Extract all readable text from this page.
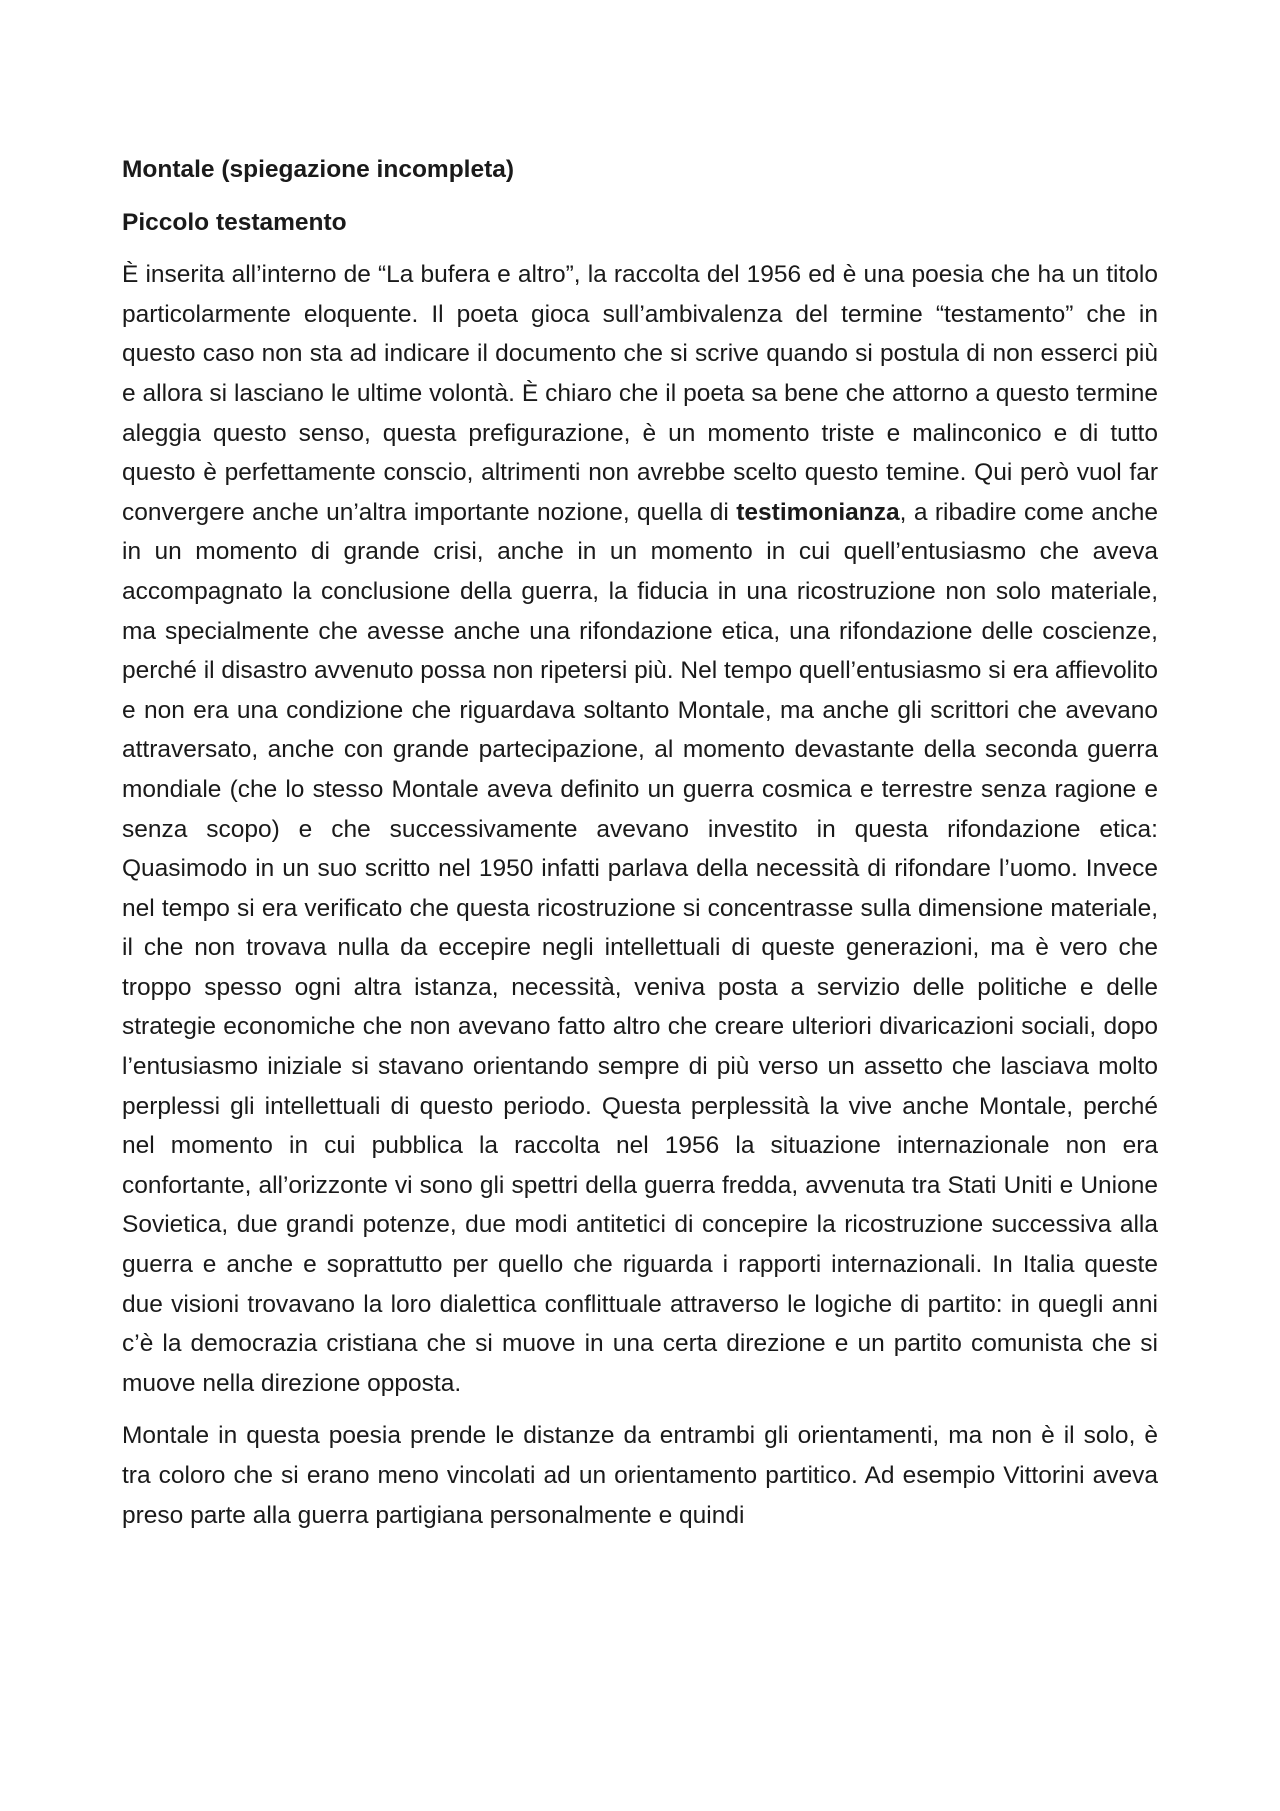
Montale (spiegazione incompleta)

Piccolo testamento

È inserita all’interno de “La bufera e altro”, la raccolta del 1956 ed è una poesia che ha un titolo particolarmente eloquente. Il poeta gioca sull’ambivalenza del termine “testamento” che in questo caso non sta ad indicare il documento che si scrive quando si postula di non esserci più e allora si lasciano le ultime volontà. È chiaro che il poeta sa bene che attorno a questo termine aleggia questo senso, questa prefigurazione, è un momento triste e malinconico e di tutto questo è perfettamente conscio, altrimenti non avrebbe scelto questo temine. Qui però vuol far convergere anche un’altra importante nozione, quella di testimonianza, a ribadire come anche in un momento di grande crisi, anche in un momento in cui quell’entusiasmo che aveva accompagnato la conclusione della guerra, la fiducia in una ricostruzione non solo materiale, ma specialmente che avesse anche una rifondazione etica, una rifondazione delle coscienze, perché il disastro avvenuto possa non ripetersi più. Nel tempo quell’entusiasmo si era affievolito e non era una condizione che riguardava soltanto Montale, ma anche gli scrittori che avevano attraversato, anche con grande partecipazione, al momento devastante della seconda guerra mondiale (che lo stesso Montale aveva definito un guerra cosmica e terrestre senza ragione e senza scopo) e che successivamente avevano investito in questa rifondazione etica: Quasimodo in un suo scritto nel 1950 infatti parlava della necessità di rifondare l’uomo. Invece nel tempo si era verificato che questa ricostruzione si concentrasse sulla dimensione materiale, il che non trovava nulla da eccepire negli intellettuali di queste generazioni, ma è vero che troppo spesso ogni altra istanza, necessità, veniva posta a servizio delle politiche e delle strategie economiche che non avevano fatto altro che creare ulteriori divaricazioni sociali, dopo l’entusiasmo iniziale si stavano orientando sempre di più verso un assetto che lasciava molto perplessi gli intellettuali di questo periodo. Questa perplessità la vive anche Montale, perché nel momento in cui pubblica la raccolta nel 1956 la situazione internazionale non era confortante, all’orizzonte vi sono gli spettri della guerra fredda, avvenuta tra Stati Uniti e Unione Sovietica, due grandi potenze, due modi antitetici di concepire la ricostruzione successiva alla guerra e anche e soprattutto per quello che riguarda i rapporti internazionali. In Italia queste due visioni trovavano la loro dialettica conflittuale attraverso le logiche di partito: in quegli anni c’è la democrazia cristiana che si muove in una certa direzione e un partito comunista che si muove nella direzione opposta.

Montale in questa poesia prende le distanze da entrambi gli orientamenti, ma non è il solo, è tra coloro che si erano meno vincolati ad un orientamento partitico. Ad esempio Vittorini aveva preso parte alla guerra partigiana personalmente e quindi
